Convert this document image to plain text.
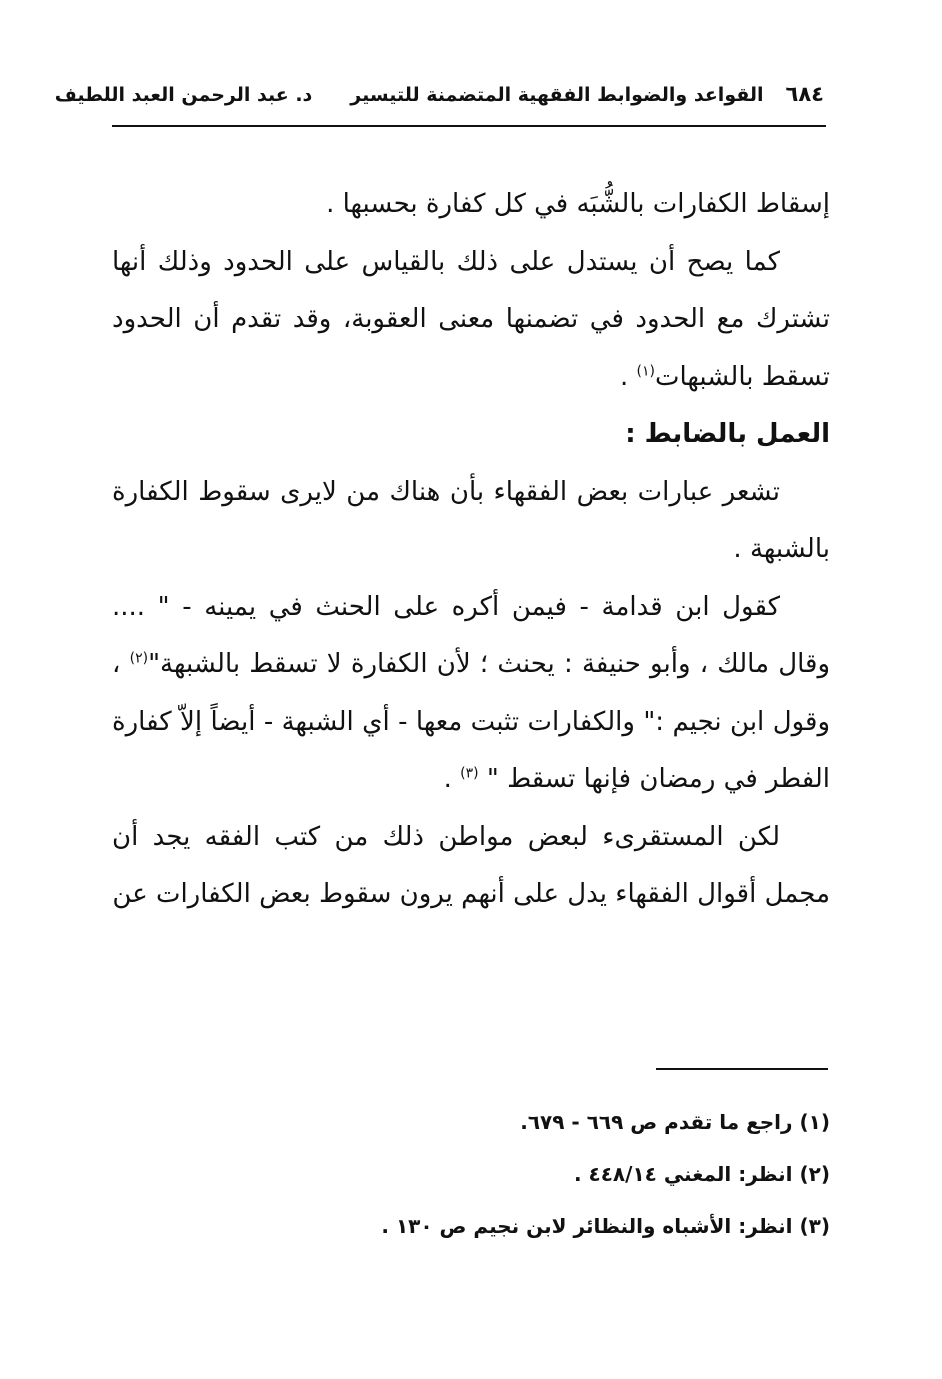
٦٨٤
القواعد والضوابط الفقهية المتضمنة للتيسير
د. عبد الرحمن العبد اللطيف

إسقاط الكفارات بالشُّبَه في كل كفارة بحسبها .

كما يصح أن يستدل على ذلك بالقياس على الحدود وذلك أنها تشترك مع الحدود في تضمنها معنى العقوبة، وقد تقدم أن الحدود تسقط بالشبهات$^{(١)}$ .

العمل بالضابط :

تشعر عبارات بعض الفقهاء بأن هناك من لايرى سقوط الكفارة بالشبهة .

كقول ابن قدامة - فيمن أكره على الحنث في يمينه - " .... وقال مالك ، وأبو حنيفة : يحنث ؛ لأن الكفارة لا تسقط بالشبهة"$^{(٢)}$ ، وقول ابن نجيم :" والكفارات تثبت معها - أي الشبهة - أيضاً إلاّ كفارة الفطر في رمضان فإنها تسقط " $^{(٣)}$ .

لكن المستقرىء لبعض مواطن ذلك من كتب الفقه يجد أن مجمل أقوال الفقهاء يدل على أنهم يرون سقوط بعض الكفارات عن

(١) راجع ما تقدم ص ٦٦٩ - ٦٧٩.

(٢) انظر: المغني ٤٤٨/١٤ .

(٣) انظر: الأشباه والنظائر لابن نجيم ص ١٣٠ .
